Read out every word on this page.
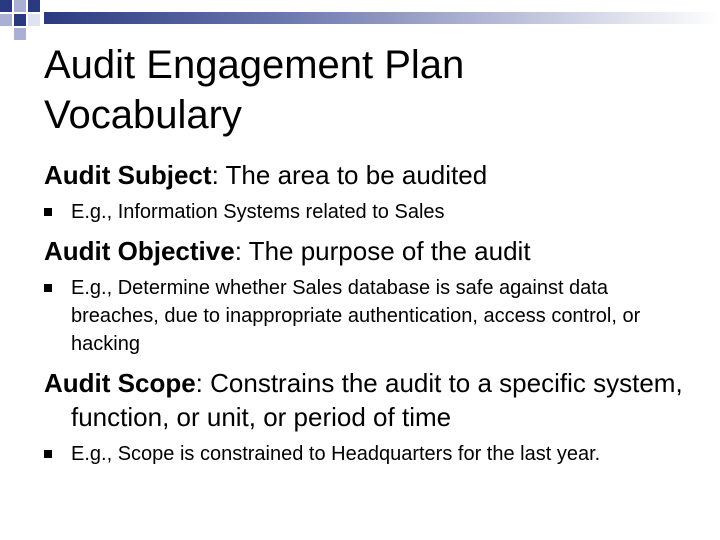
Audit Engagement Plan
Vocabulary

Audit Subject: The area to be audited

E.g., Information Systems related to Sales

Audit Objective: The purpose of the audit

E.g., Determine whether Sales database is safe against data breaches, due to inappropriate authentication, access control, or hacking

Audit Scope: Constrains the audit to a specific system, function, or unit, or period of time

E.g., Scope is constrained to Headquarters for the last year.
